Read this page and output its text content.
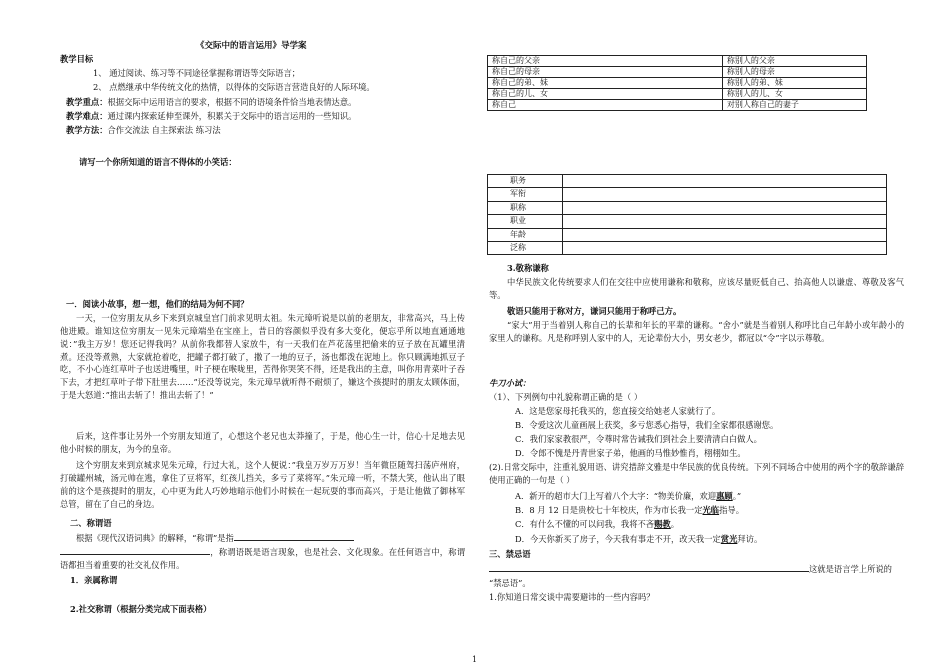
《交际中的语言运用》导学案
教学目标
1、 通过阅读、练习等不同途径掌握称谓语等交际语言；
2、 点燃继承中华传统文化的热情，以得体的交际语言营造良好的人际环境。
教学重点：根据交际中运用语言的要求，根据不同的语境条件恰当地表情达意。
教学难点：通过课内探索延伸至课外，积累关于交际中的语言运用的一些知识。
教学方法：合作交流法 自主探索法 练习法
请写一个你所知道的语言不得体的小笑话：
一．阅读小故事，想一想，他们的结局为何不同？
一天，一位穷朋友从乡下来到京城皇宫门前求见明太祖。朱元璋听说是以前的老朋友，非常高兴，马上传他进殿。谁知这位穷朋友一见朱元璋端坐在宝座上，昔日的容颜似乎没有多大变化，便忘乎所以地直通通地说：”我主万岁！您还记得我吗？从前你我都替人家放牛，有一天我们在芦花荡里把偷来的豆子放在瓦罐里清煮。还没等煮熟，大家就抢着吃，把罐子都打破了，撒了一地的豆子，汤也都泼在泥地上。你只顾满地抓豆子吃，不小心连红草叶子也送进嘴里，叶子梗在喉咙里，苦得你哭笑不得，还是我出的主意，叫你用青菜叶子吞下去，才把红草叶子带下肚里去……”还没等说完，朱元璋早就听得不耐烦了，嫌这个孩提时的朋友太顾体面，于是大怒道：”推出去斩了！推出去斩了！”
后来，这件事让另外一个穷朋友知道了，心想这个老兄也太莽撞了，于是，他心生一计，信心十足地去见他小时候的朋友，为今的皇帝。
这个穷朋友来到京城求见朱元璋，行过大礼，这个人便说：”我皇万岁万万岁！当年微臣随驾扫荡庐州府，打破罐州城，汤元帅在逃，拿住了豆将军，红孩儿挡关，多亏了菜将军。”朱元璋一听，不禁大笑，他认出了眼前的这个是孩提时的朋友，心中更为此人巧妙地暗示他们小时候在一起玩耍的事而高兴，于是让他做了御林军总管，留在了自己的身边。
二、称谓语
根据《现代汉语词典》的解释，“称谓”是指
，称谓语既是语言现象，也是社会、文化现象。在任何语言中，称谓语都担当着重要的社交礼仪作用。
1．亲属称谓
2.社交称谓（根据分类完成下面表格）
称自己的父亲	称别人的父亲
称自己的母亲	称别人的母亲
称自己的弟、妹	称别人的弟、妹
称自己的儿、女	称别人的儿、女
称自己	对别人称自己的妻子
职务	
军衔	
职称	
职业	
年龄	
泛称	
3.敬称谦称
中华民族文化传统要求人们在交往中应使用谦称和敬称，应该尽量贬低自己、抬高他人以谦虚、尊敬及客气等。
敬语只能用于称对方，谦词只能用于称呼己方。
“家大”用于当着别人称自己的长辈和年长的平辈的谦称。“舍小”就是当着别人称呼比自己年龄小或年龄小的家里人的谦称。凡是称呼别人家中的人，无论辈份大小，男女老少，都冠以“令”字以示尊敬。
牛刀小试：
（1）、下列例句中礼貌称谓正确的是（ ）
A．这是您家母托我买的，您直接交给她老人家就行了。
B．令爱这次儿童画展上获奖，多亏您悉心指导，我们全家都很感谢您。
C．我们家家教很严，令尊时常告诫我们到社会上要清清白白做人。
D．令郎不愧是丹青世家子弟，他画的马惟妙惟肖，栩栩如生。
(2).日常交际中，注重礼貌用语、讲究措辞文雅是中华民族的优良传统。下列不同场合中使用的两个字的敬辞谦辞使用正确的一句是（ ）
A．新开的超市大门上写着八个大字：“物美价廉，欢迎惠顾。”
B．8 月 12 日是贵校七十年校庆，作为市长我一定光临指导。
C．有什么不懂的可以问我，我将不吝赐教。
D．今天你新买了房子，今天我有事走不开，改天我一定赏光拜访。
三、禁忌语
这就是语言学上所说的
“禁忌语”。
1.你知道日常交谈中需要避讳的一些内容吗？
1
